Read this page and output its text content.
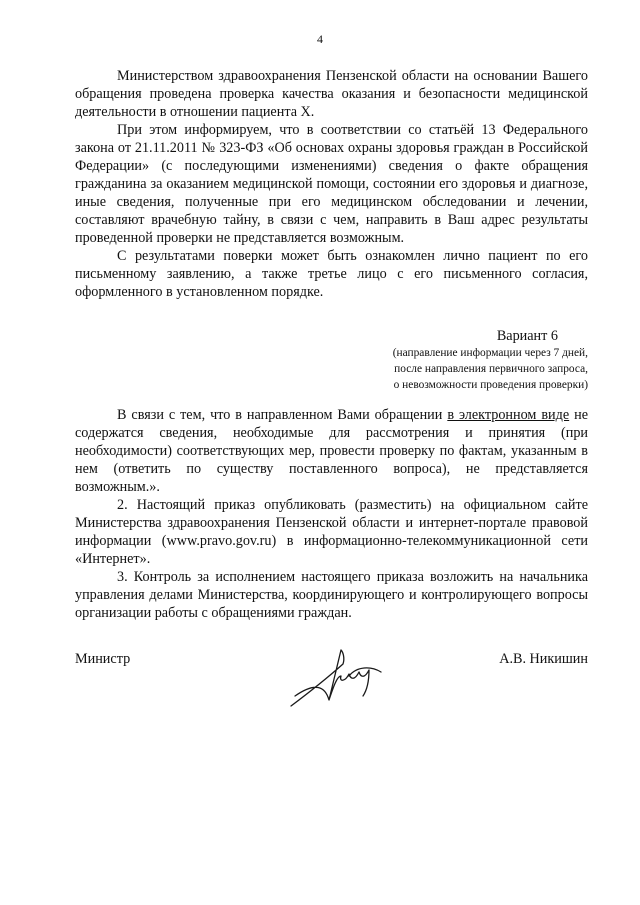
4

Министерством здравоохранения Пензенской области на основании Вашего обращения проведена проверка качества оказания и безопасности медицинской деятельности в отношении пациента Х.

При этом информируем, что в соответствии со статьёй 13 Федерального закона от 21.11.2011 № 323-ФЗ «Об основах охраны здоровья граждан в Российской Федерации» (с последующими изменениями) сведения о факте обращения гражданина за оказанием медицинской помощи, состоянии его здоровья и диагнозе, иные сведения, полученные при его медицинском обследовании и лечении, составляют врачебную тайну, в связи с чем, направить в Ваш адрес результаты проведенной проверки не представляется возможным.

С результатами поверки может быть ознакомлен лично пациент по его письменному заявлению, а также третье лицо с его письменного согласия, оформленного в установленном порядке.

Вариант 6
(направление информации через 7 дней,
после направления первичного запроса,
о невозможности проведения проверки)

В связи с тем, что в направленном Вами обращении в электронном виде не содержатся сведения, необходимые для рассмотрения и принятия (при необходимости) соответствующих мер, провести проверку по фактам, указанным в нем (ответить по существу поставленного вопроса), не представляется возможным.».

2. Настоящий приказ опубликовать (разместить) на официальном сайте Министерства здравоохранения Пензенской области и интернет-портале правовой информации (www.pravo.gov.ru) в информационно-телекоммуникационной сети «Интернет».

3. Контроль за исполнением настоящего приказа возложить на начальника управления делами Министерства, координирующего и контролирующего вопросы организации работы с обращениями граждан.

Министр	А.В. Никишин
